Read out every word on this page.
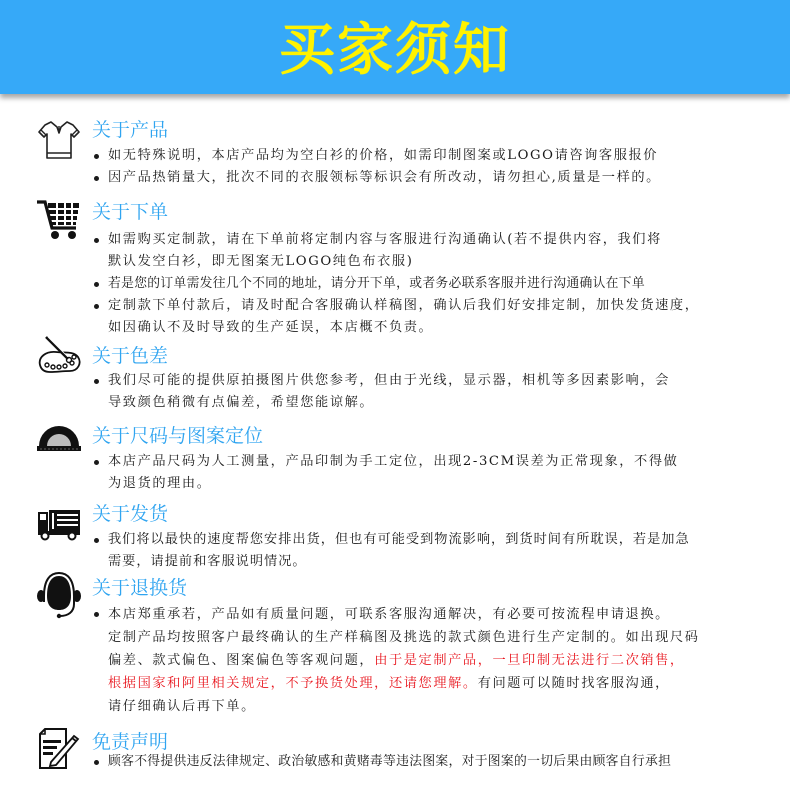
买家须知
关于产品
如无特殊说明，本店产品均为空白衫的价格，如需印制图案或LOGO请咨询客服报价
因产品热销量大，批次不同的衣服领标等标识会有所改动，请勿担心,质量是一样的。
关于下单
如需购买定制款，请在下单前将定制内容与客服进行沟通确认(若不提供内容，我们将
默认发空白衫，即无图案无LOGO纯色布衣服)
若是您的订单需发往几个不同的地址，请分开下单，或者务必联系客服并进行沟通确认在下单
定制款下单付款后，请及时配合客服确认样稿图，确认后我们好安排定制，加快发货速度，
如因确认不及时导致的生产延误，本店概不负责。
关于色差
我们尽可能的提供原拍摄图片供您参考，但由于光线，显示器，相机等多因素影响，会
导致颜色稍微有点偏差，希望您能谅解。
关于尺码与图案定位
本店产品尺码为人工测量，产品印制为手工定位，出现2-3CM误差为正常现象，不得做
为退货的理由。
关于发货
我们将以最快的速度帮您安排出货，但也有可能受到物流影响，到货时间有所耽误，若是加急
需要，请提前和客服说明情况。
关于退换货
本店郑重承若，产品如有质量问题，可联系客服沟通解决，有必要可按流程申请退换。
定制产品均按照客户最终确认的生产样稿图及挑选的款式颜色进行生产定制的。如出现尺码
偏差、款式偏色、图案偏色等客观问题，由于是定制产品，一旦印制无法进行二次销售，
根据国家和阿里相关规定，不予换货处理，还请您理解。有问题可以随时找客服沟通，
请仔细确认后再下单。
免责声明
顾客不得提供违反法律规定、政治敏感和黄赌毒等违法图案，对于图案的一切后果由顾客自行承担
